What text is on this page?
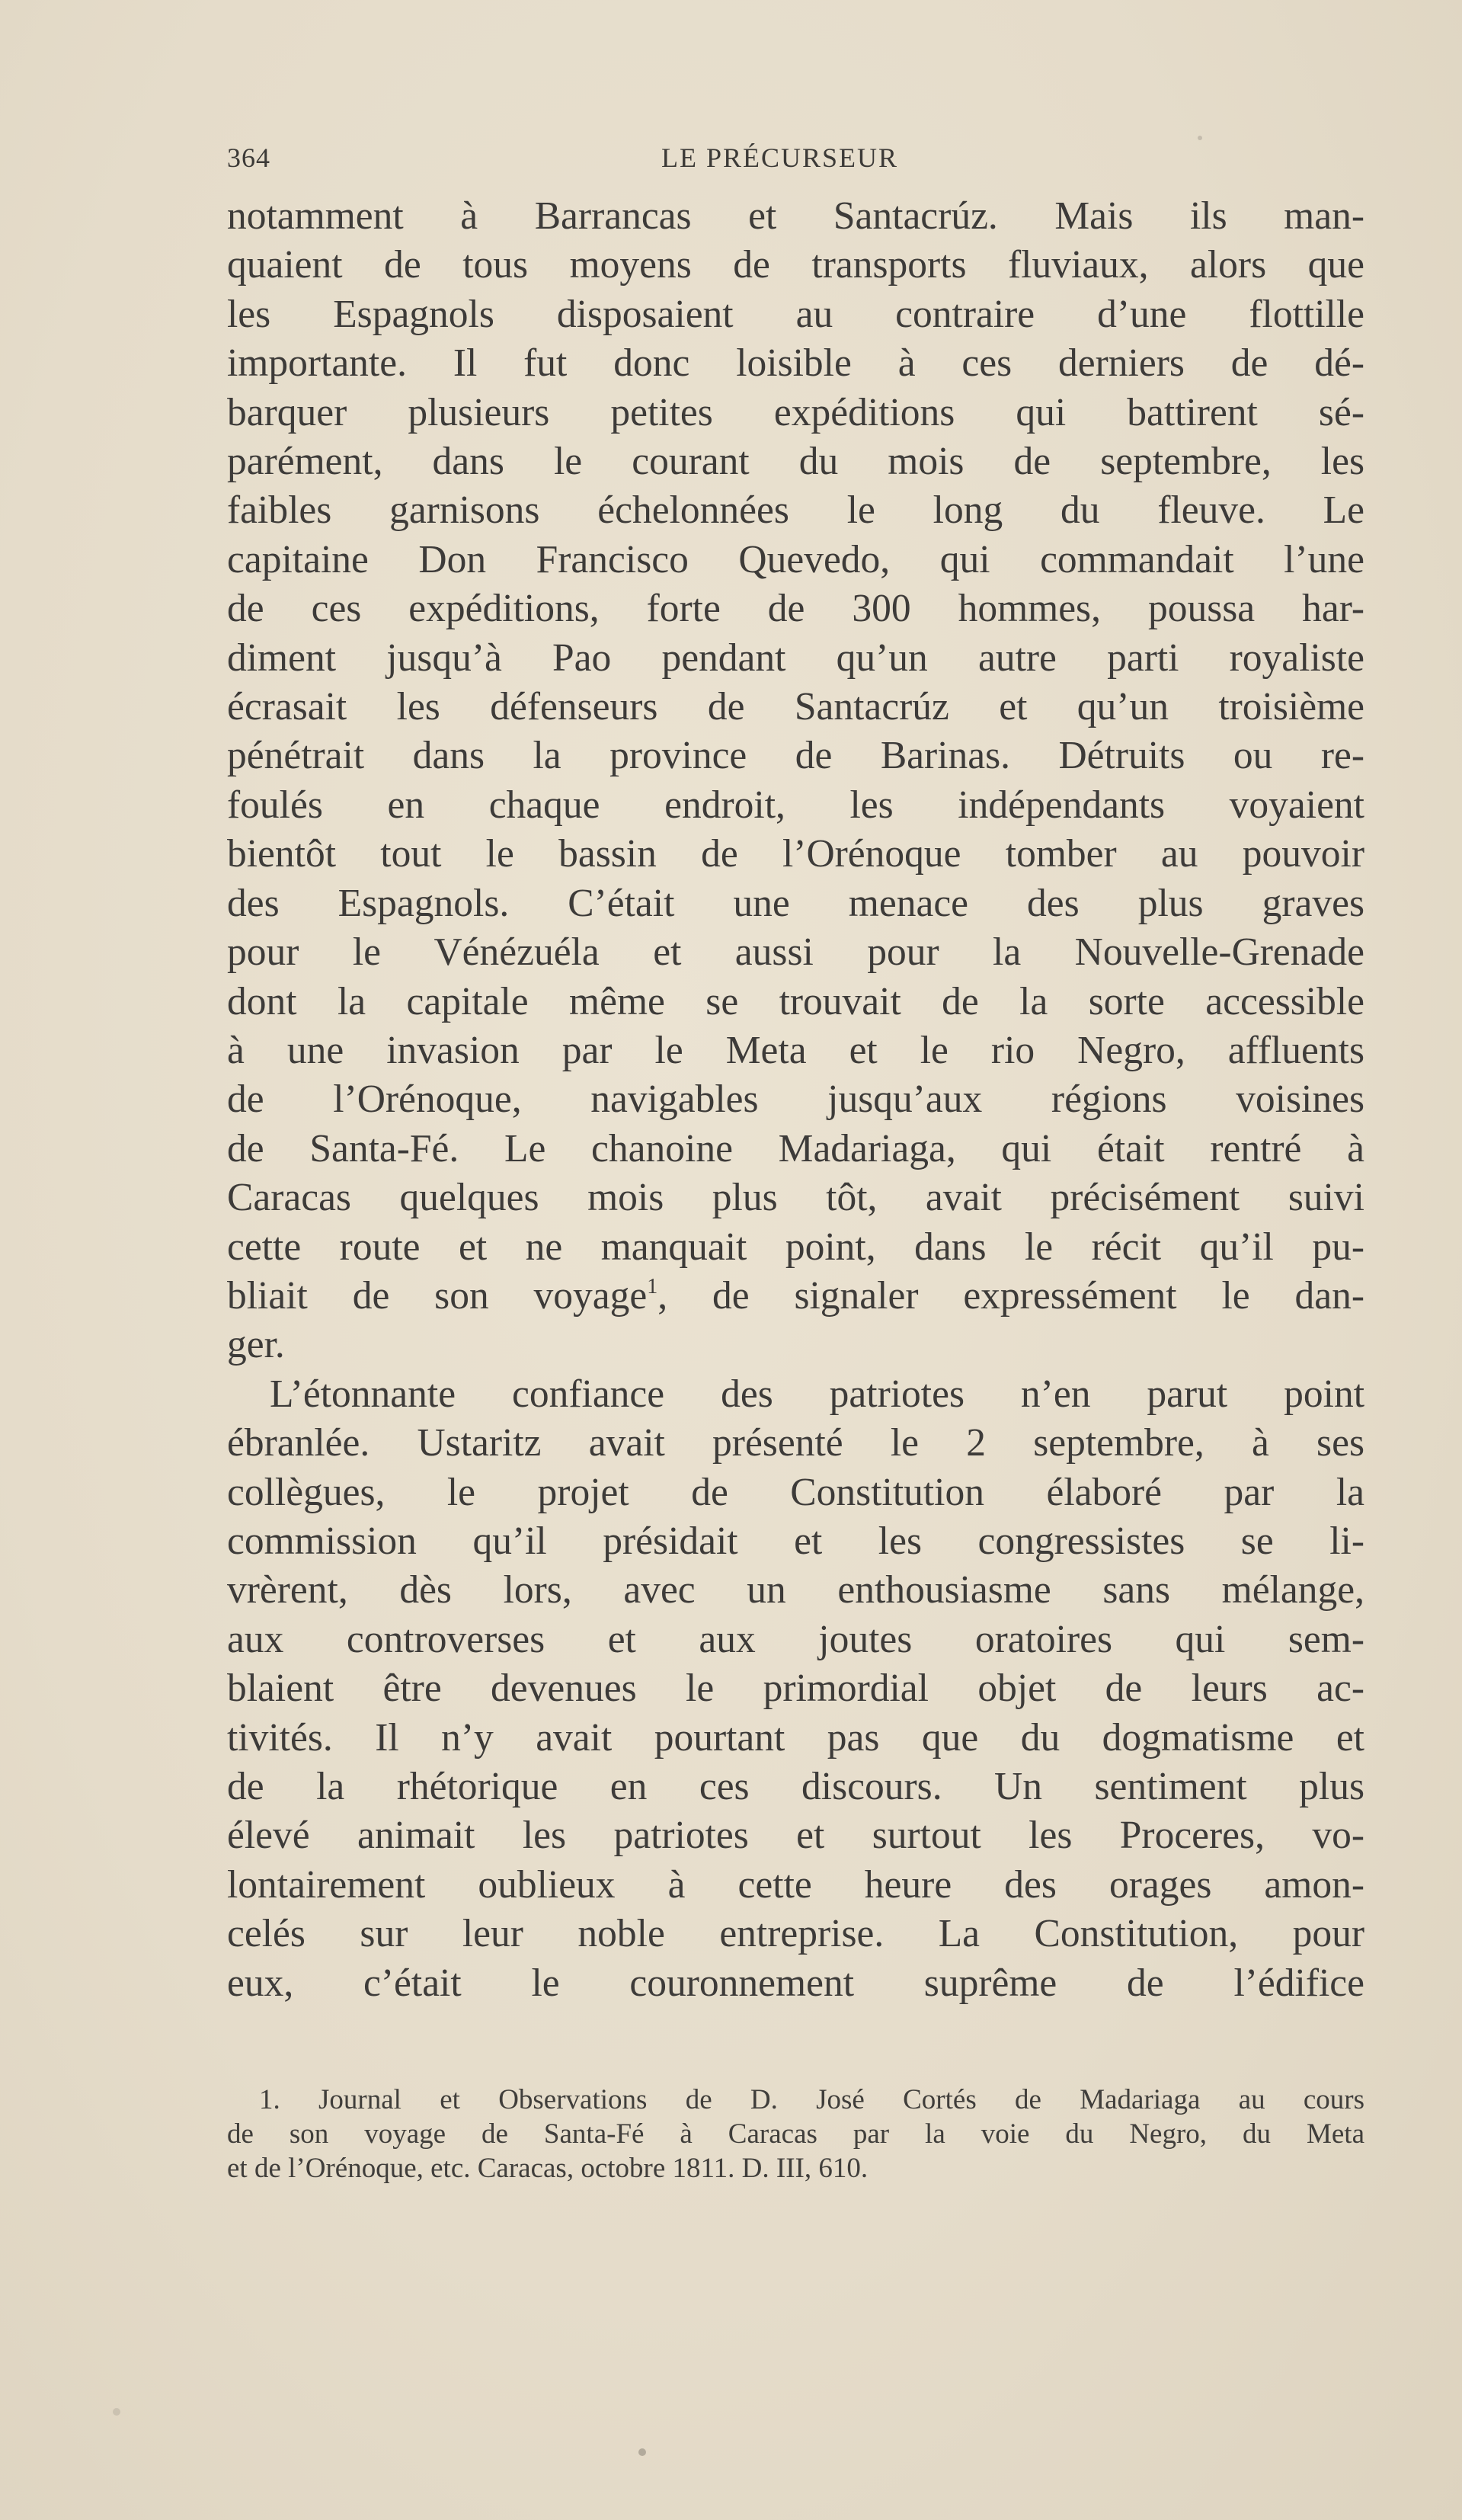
364	LE PRÉCURSEUR

notamment à Barrancas et Santacrúz. Mais ils man-
quaient de tous moyens de transports fluviaux, alors que
les Espagnols disposaient au contraire d’une flottille
importante. Il fut donc loisible à ces derniers de dé-
barquer plusieurs petites expéditions qui battirent sé-
parément, dans le courant du mois de septembre, les
faibles garnisons échelonnées le long du fleuve. Le
capitaine Don Francisco Quevedo, qui commandait l’une
de ces expéditions, forte de 300 hommes, poussa har-
diment jusqu’à Pao pendant qu’un autre parti royaliste
écrasait les défenseurs de Santacrúz et qu’un troisième
pénétrait dans la province de Barinas. Détruits ou re-
foulés en chaque endroit, les indépendants voyaient
bientôt tout le bassin de l’Orénoque tomber au pouvoir
des Espagnols. C’était une menace des plus graves
pour le Vénézuéla et aussi pour la Nouvelle-Grenade
dont la capitale même se trouvait de la sorte accessible
à une invasion par le Meta et le rio Negro, affluents
de l’Orénoque, navigables jusqu’aux régions voisines
de Santa-Fé. Le chanoine Madariaga, qui était rentré à
Caracas quelques mois plus tôt, avait précisément suivi
cette route et ne manquait point, dans le récit qu’il pu-
bliait de son voyage$^1$, de signaler expressément le dan-
ger.

L’étonnante confiance des patriotes n’en parut point
ébranlée. Ustaritz avait présenté le 2 septembre, à ses
collègues, le projet de Constitution élaboré par la
commission qu’il présidait et les congressistes se li-
vrèrent, dès lors, avec un enthousiasme sans mélange,
aux controverses et aux joutes oratoires qui sem-
blaient être devenues le primordial objet de leurs ac-
tivités. Il n’y avait pourtant pas que du dogmatisme et
de la rhétorique en ces discours. Un sentiment plus
élevé animait les patriotes et surtout les Proceres, vo-
lontairement oublieux à cette heure des orages amon-
celés sur leur noble entreprise. La Constitution, pour
eux, c’était le couronnement suprême de l’édifice

1. Journal et Observations de D. José Cortés de Madariaga au cours
de son voyage de Santa-Fé à Caracas par la voie du Negro, du Meta
et de l’Orénoque, etc. Caracas, octobre 1811. D. III, 610.
